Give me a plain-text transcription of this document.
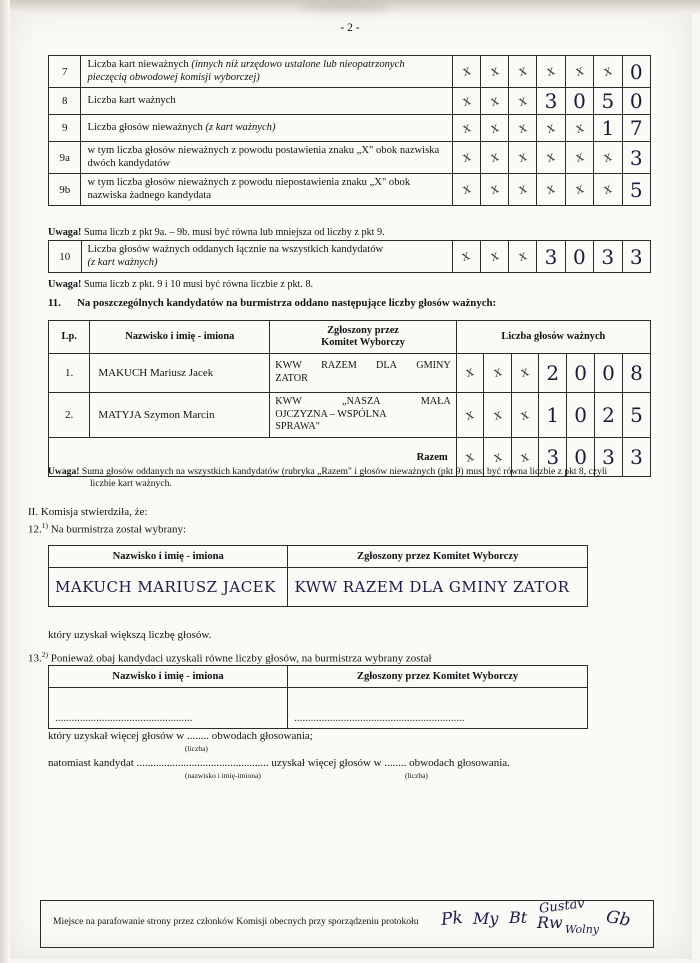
- 2 -
7	Liczba kart nieważnych (innych niż urzędowo ustalone lub nieopatrzonych pieczęcią obwodowej komisji wyborczej)	x	x	x	x	x	x	0
8	Liczba kart ważnych	x	x	x	3	0	5	0
9	Liczba głosów nieważnych (z kart ważnych)	x	x	x	x	x	1	7
9a	w tym liczba głosów nieważnych z powodu postawienia znaku „X" obok nazwiska dwóch kandydatów	x	x	x	x	x	x	3
9b	w tym liczba głosów nieważnych z powodu niepostawienia znaku „X" obok nazwiska żadnego kandydata	x	x	x	x	x	x	5
Uwaga! Suma liczb z pkt 9a. – 9b. musi być równa lub mniejsza od liczby z pkt 9.
10	Liczba głosów ważnych oddanych łącznie na wszystkich kandydatów
(z kart ważnych)	x	x	x	3	0	3	3
Uwaga! Suma liczb z pkt. 9 i 10 musi być równa liczbie z pkt. 8.
11. Na poszczególnych kandydatów na burmistrza oddano następujące liczby głosów ważnych:
Lp.	Nazwisko i imię - imiona	Zgłoszony przez
Komitet Wyborczy	Liczba głosów ważnych						
1.	MAKUCH Mariusz Jacek	KWW RAZEM DLA GMINY
ZATOR	x	x	x	2	0	0	8
2.	MATYJA Szymon Marcin	KWW „NASZA MAŁA
OJCZYZNA – WSPÓLNA
SPRAWA"	x	x	x	1	0	2	5
Razem			x	x	x	3	0	3	3
Uwaga! Suma głosów oddanych na wszystkich kandydatów (rubryka „Razem" i głosów nieważnych (pkt 9) musi być równa liczbie z pkt 8, czyli
liczbie kart ważnych.
II. Komisja stwierdziła, że:
12.$^{1)}$ Na burmistrza został wybrany:
Nazwisko i imię - imiona	Zgłoszony przez Komitet Wyborczy
MAKUCH MARIUSZ JACEK	KWW RAZEM DLA GMINY ZATOR
który uzyskał większą liczbę głosów.
13.$^{2)}$ Ponieważ obaj kandydaci uzyskali równe liczby głosów, na burmistrza wybrany został
Nazwisko i imię - imiona	Zgłoszony przez Komitet Wyborczy
..................................................	..............................................................
który uzyskał więcej głosów w ........ obwodach głosowania;
(liczba)
natomiast kandydat ................................................ uzyskał więcej głosów w ........ obwodach głosowania.
(nazwisko i imię-imiona)	(liczba)
Miejsce na parafowanie strony przez członków Komisji obecnych przy sporządzeniu protokołu Pk My Bt
Gustav
Rw Wolny Gb
